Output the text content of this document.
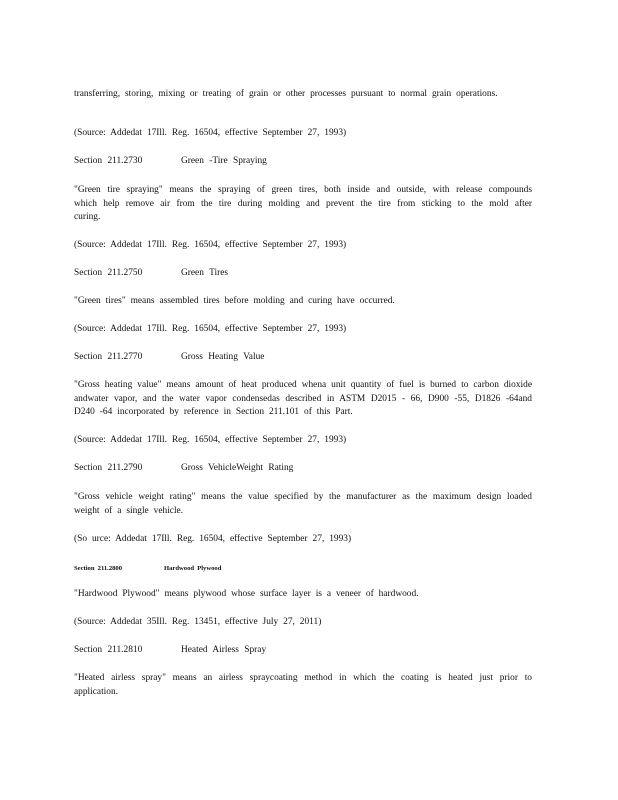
transferring, storing, mixing or treating of grain or other processes pursuant to normal grain operations.
(Source: Addedat 17Ill. Reg. 16504, effective September 27, 1993)
Section 211.2730	Green -Tire Spraying
"Green tire spraying" means the spraying of green tires, both inside and outside, with release compounds which help remove air from the tire during molding and prevent the tire from sticking to the mold after curing.
(Source: Addedat 17Ill. Reg. 16504, effective September 27, 1993)
Section 211.2750	Green Tires
"Green tires" means assembled tires before molding and curing have occurred.
(Source: Addedat 17Ill. Reg. 16504, effective September 27, 1993)
Section 211.2770	Gross Heating Value
"Gross heating value" means amount of heat produced whena unit quantity of fuel is burned to carbon dioxide andwater vapor, and the water vapor condensedas described in ASTM D2015 - 66, D900 -55, D1826 -64and D240 -64 incorporated by reference in Section 211.101 of this Part.
(Source: Addedat 17Ill. Reg. 16504, effective September 27, 1993)
Section 211.2790	Gross VehicleWeight Rating
"Gross vehicle weight rating" means the value specified by the manufacturer as the maximum design loaded weight of a single vehicle.
(So urce: Addedat 17Ill. Reg. 16504, effective September 27, 1993)
Section 211.2800	Hardwood Plywood
"Hardwood Plywood" means plywood whose surface layer is a veneer of hardwood.
(Source: Addedat 35Ill. Reg. 13451, effective July 27, 2011)
Section 211.2810	Heated Airless Spray
"Heated airless spray" means an airless spraycoating method in which the coating is heated just prior to application.
